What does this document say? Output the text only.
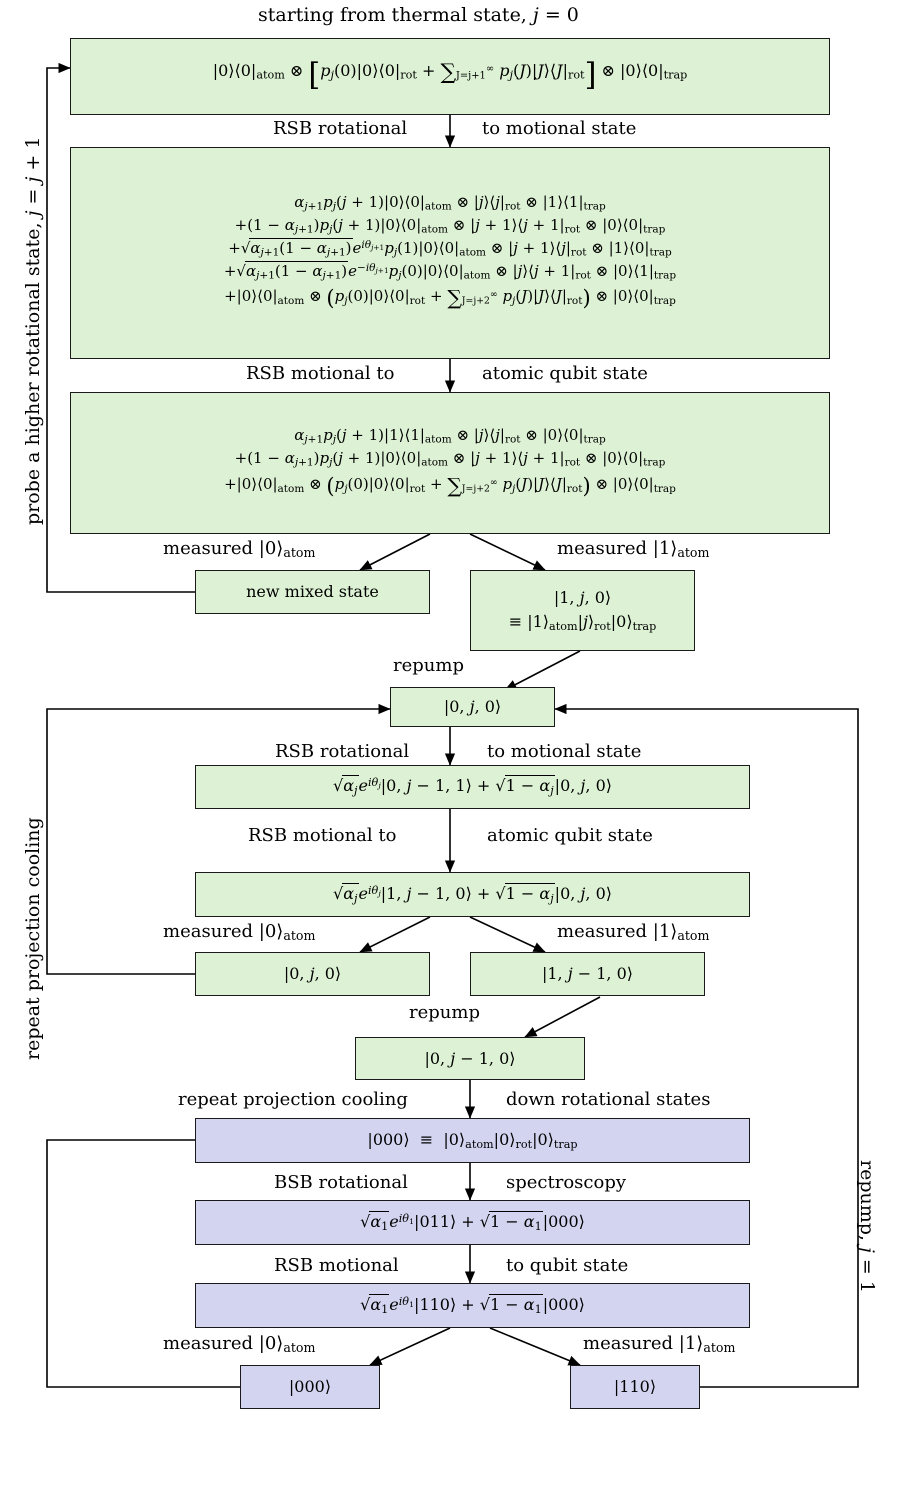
starting from thermal state, j = 0
probe a higher rotational state, j = j + 1
repeat projection cooling
repump, j = 1
$|0⟩⟨0|_{atom}$ ⊗ [$p_j(0)|0⟩⟨0|_{rot} + \sum_{J=j+1}^\infty$ $p_j(J)|J⟩⟨J|_{rot}$] ⊗ $|0⟩⟨0|_{trap}$
$\alpha_{j+1}p_j(j$ + $1)|0⟩⟨0|_{atom}$ ⊗ $|j⟩⟨j|_{rot}$ ⊗ $|1⟩⟨1|_{trap}$
$+(1 - \alpha_{j+1})p_j(j$ + $1)|0⟩⟨0|_{atom}$ ⊗ |j + 1⟩⟨j + $1|_{rot}$ ⊗ $|0⟩⟨0|_{trap}$
$+√\alpha_{j+1}(1$ − $\alpha_{j+1})e^{i\theta_{j+1}}p_j(1)|0⟩⟨0|_{atom}$ ⊗ $|j + 1⟩⟨j|_{rot}$ ⊗ $|1⟩⟨0|_{trap}$
$+√\alpha_{j+1}(1$ − $\alpha_{j+1})e^{-i\theta_{j+1}}p_j(0)|0⟩⟨0|_{atom}$ ⊗ |j⟩⟨j + $1|_{rot}$ ⊗ $|0⟩⟨1|_{trap}$
$+|0⟩⟨0|_{atom}$ ⊗ ($p_j(0)|0⟩⟨0|_{rot} + \sum_{J=j+2}^\infty$ $p_j(J)|J⟩⟨J|_{rot}$) ⊗ $|0⟩⟨0|_{trap}$
$\alpha_{j+1}p_j(j$ + $1)|1⟩⟨1|_{atom}$ ⊗ $|j⟩⟨j|_{rot}$ ⊗ $|0⟩⟨0|_{trap}$
$+(1 - \alpha_{j+1})p_j(j$ + $1)|0⟩⟨0|_{atom}$ ⊗ |j + 1⟩⟨j + $1|_{rot}$ ⊗ $|0⟩⟨0|_{trap}$
$+|0⟩⟨0|_{atom}$ ⊗ ($p_j(0)|0⟩⟨0|_{rot} + \sum_{J=j+2}^\infty$ $p_j(J)|J⟩⟨J|_{rot}$) ⊗ $|0⟩⟨0|_{trap}$
new mixed state	|1, j, 0⟩
≡ $|1⟩_{atom}|j⟩_{rot}|0⟩_{trap}$
|0, j, 0⟩
$√\alpha_je^{i\theta_j}|0$, j − 1, 1⟩ + $√1 - \alpha_j|0$, j, 0⟩
$√\alpha_je^{i\theta_j}|1$, j − 1, 0⟩ + $√1 - \alpha_j|0$, j, 0⟩
|0, j, 0⟩	|1, j − 1, 0⟩
|0, j − 1, 0⟩
|000⟩  ≡  $|0⟩_{atom}|0⟩_{rot}|0⟩_{trap}$
$√\alpha_1e^{i\theta_1}|011⟩ + √1$ − $\alpha_1|000⟩$
$√\alpha_1e^{i\theta_1}|110⟩ + √1$ − $\alpha_1|000⟩$
|000⟩	|110⟩
RSB rotational	to motional state
RSB motional to	atomic qubit state
measured $|0⟩_{atom}$	measured $|1⟩_{atom}$
repump
RSB rotational	to motional state
RSB motional to	atomic qubit state
measured $|0⟩_{atom}$	measured $|1⟩_{atom}$
repump
repeat projection cooling	down rotational states
BSB rotational	spectroscopy
RSB motional	to qubit state
measured $|0⟩_{atom}$	measured $|1⟩_{atom}$
